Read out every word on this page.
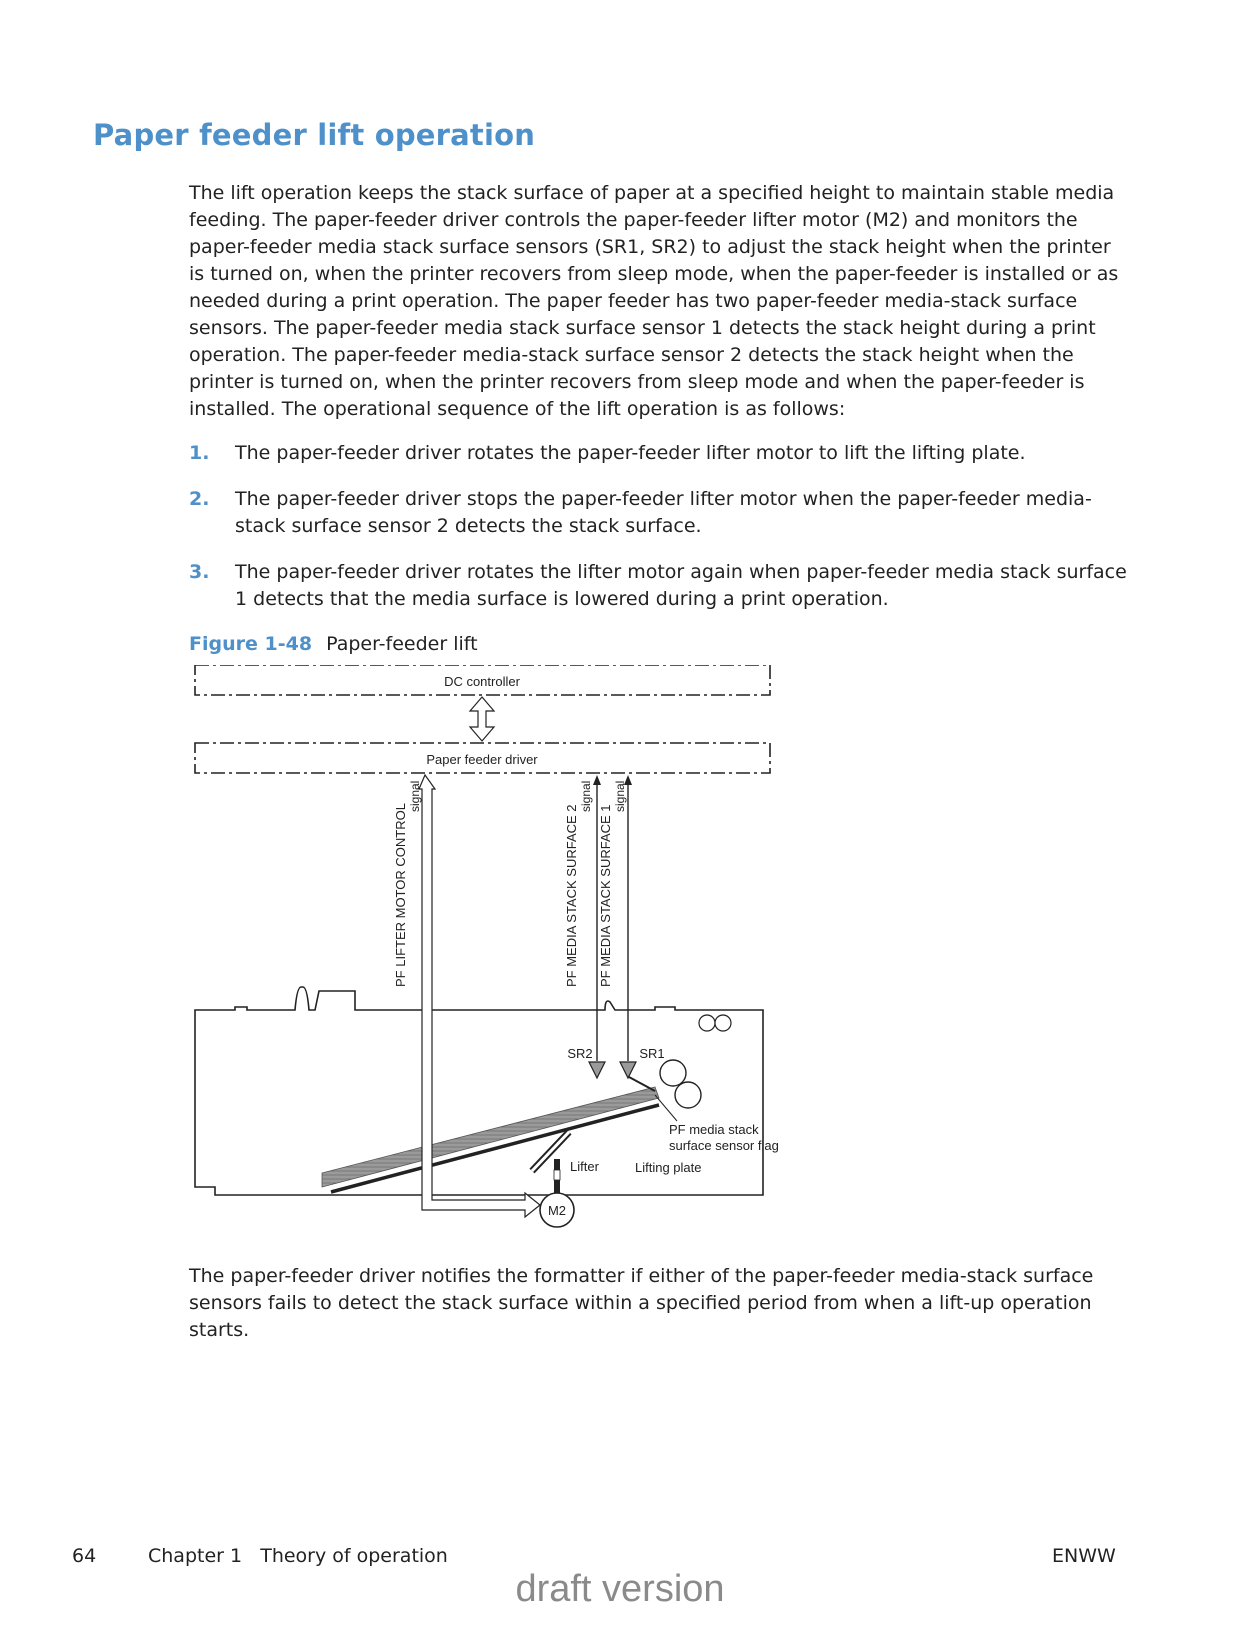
Paper feeder lift operation

The lift operation keeps the stack surface of paper at a specified height to maintain stable media feeding. The paper-feeder driver controls the paper-feeder lifter motor (M2) and monitors the paper-feeder media stack surface sensors (SR1, SR2) to adjust the stack height when the printer is turned on, when the printer recovers from sleep mode, when the paper-feeder is installed or as needed during a print operation. The paper feeder has two paper-feeder media-stack surface sensors. The paper-feeder media stack surface sensor 1 detects the stack height during a print operation. The paper-feeder media-stack surface sensor 2 detects the stack height when the printer is turned on, when the printer recovers from sleep mode and when the paper-feeder is installed. The operational sequence of the lift operation is as follows:

1. The paper-feeder driver rotates the paper-feeder lifter motor to lift the lifting plate.
2. The paper-feeder driver stops the paper-feeder lifter motor when the paper-feeder media-stack surface sensor 2 detects the stack surface.
3. The paper-feeder driver rotates the lifter motor again when paper-feeder media stack surface 1 detects that the media surface is lowered during a print operation.

Figure 1-48 Paper-feeder lift

DC controller
Paper feeder driver
M2
PF LIFTER MOTOR CONTROL
signal
PF MEDIA STACK SURFACE 2
signal
PF MEDIA STACK SURFACE 1
signal
SR2	SR1
PF media stack
surface sensor flag
Lifter	Lifting plate

The paper-feeder driver notifies the formatter if either of the paper-feeder media-stack surface sensors fails to detect the stack surface within a specified period from when a lift-up operation starts.

64	Chapter 1   Theory of operation	ENWW
draft version
